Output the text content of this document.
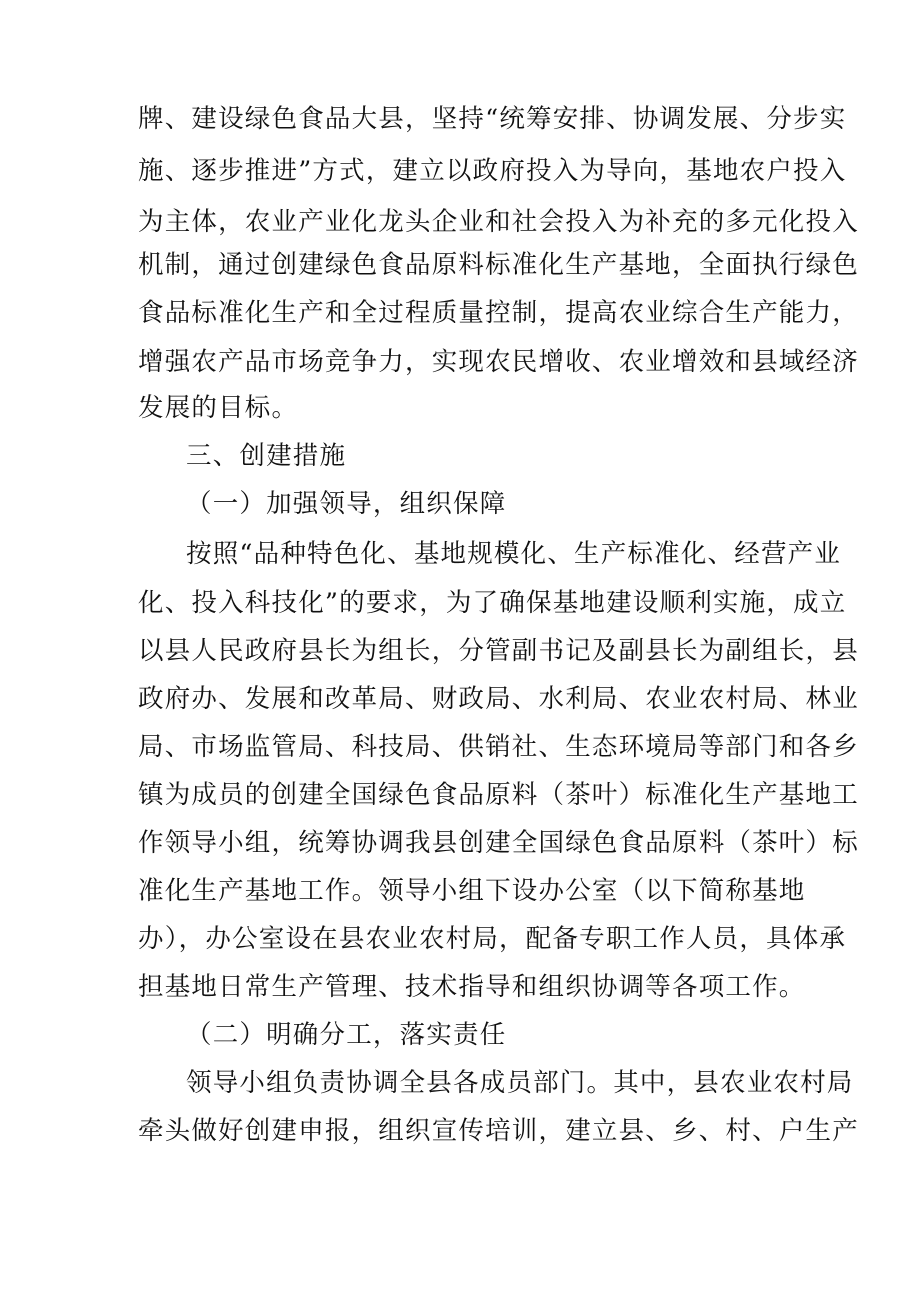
牌、建设绿色食品大县，坚持“统筹安排、协调发展、分步实
施、逐步推进”方式，建立以政府投入为导向，基地农户投入
为主体，农业产业化龙头企业和社会投入为补充的多元化投入
机制，通过创建绿色食品原料标准化生产基地，全面执行绿色
食品标准化生产和全过程质量控制，提高农业综合生产能力，
增强农产品市场竞争力，实现农民增收、农业增效和县域经济
发展的目标。
三、创建措施
（一）加强领导，组织保障
按照“品种特色化、基地规模化、生产标准化、经营产业
化、投入科技化”的要求，为了确保基地建设顺利实施，成立
以县人民政府县长为组长，分管副书记及副县长为副组长，县
政府办、发展和改革局、财政局、水利局、农业农村局、林业
局、市场监管局、科技局、供销社、生态环境局等部门和各乡
镇为成员的创建全国绿色食品原料（茶叶）标准化生产基地工
作领导小组，统筹协调我县创建全国绿色食品原料（茶叶）标
准化生产基地工作。领导小组下设办公室（以下简称基地
办），办公室设在县农业农村局，配备专职工作人员，具体承
担基地日常生产管理、技术指导和组织协调等各项工作。
（二）明确分工，落实责任
领导小组负责协调全县各成员部门。其中，县农业农村局
牵头做好创建申报，组织宣传培训，建立县、乡、村、户生产
